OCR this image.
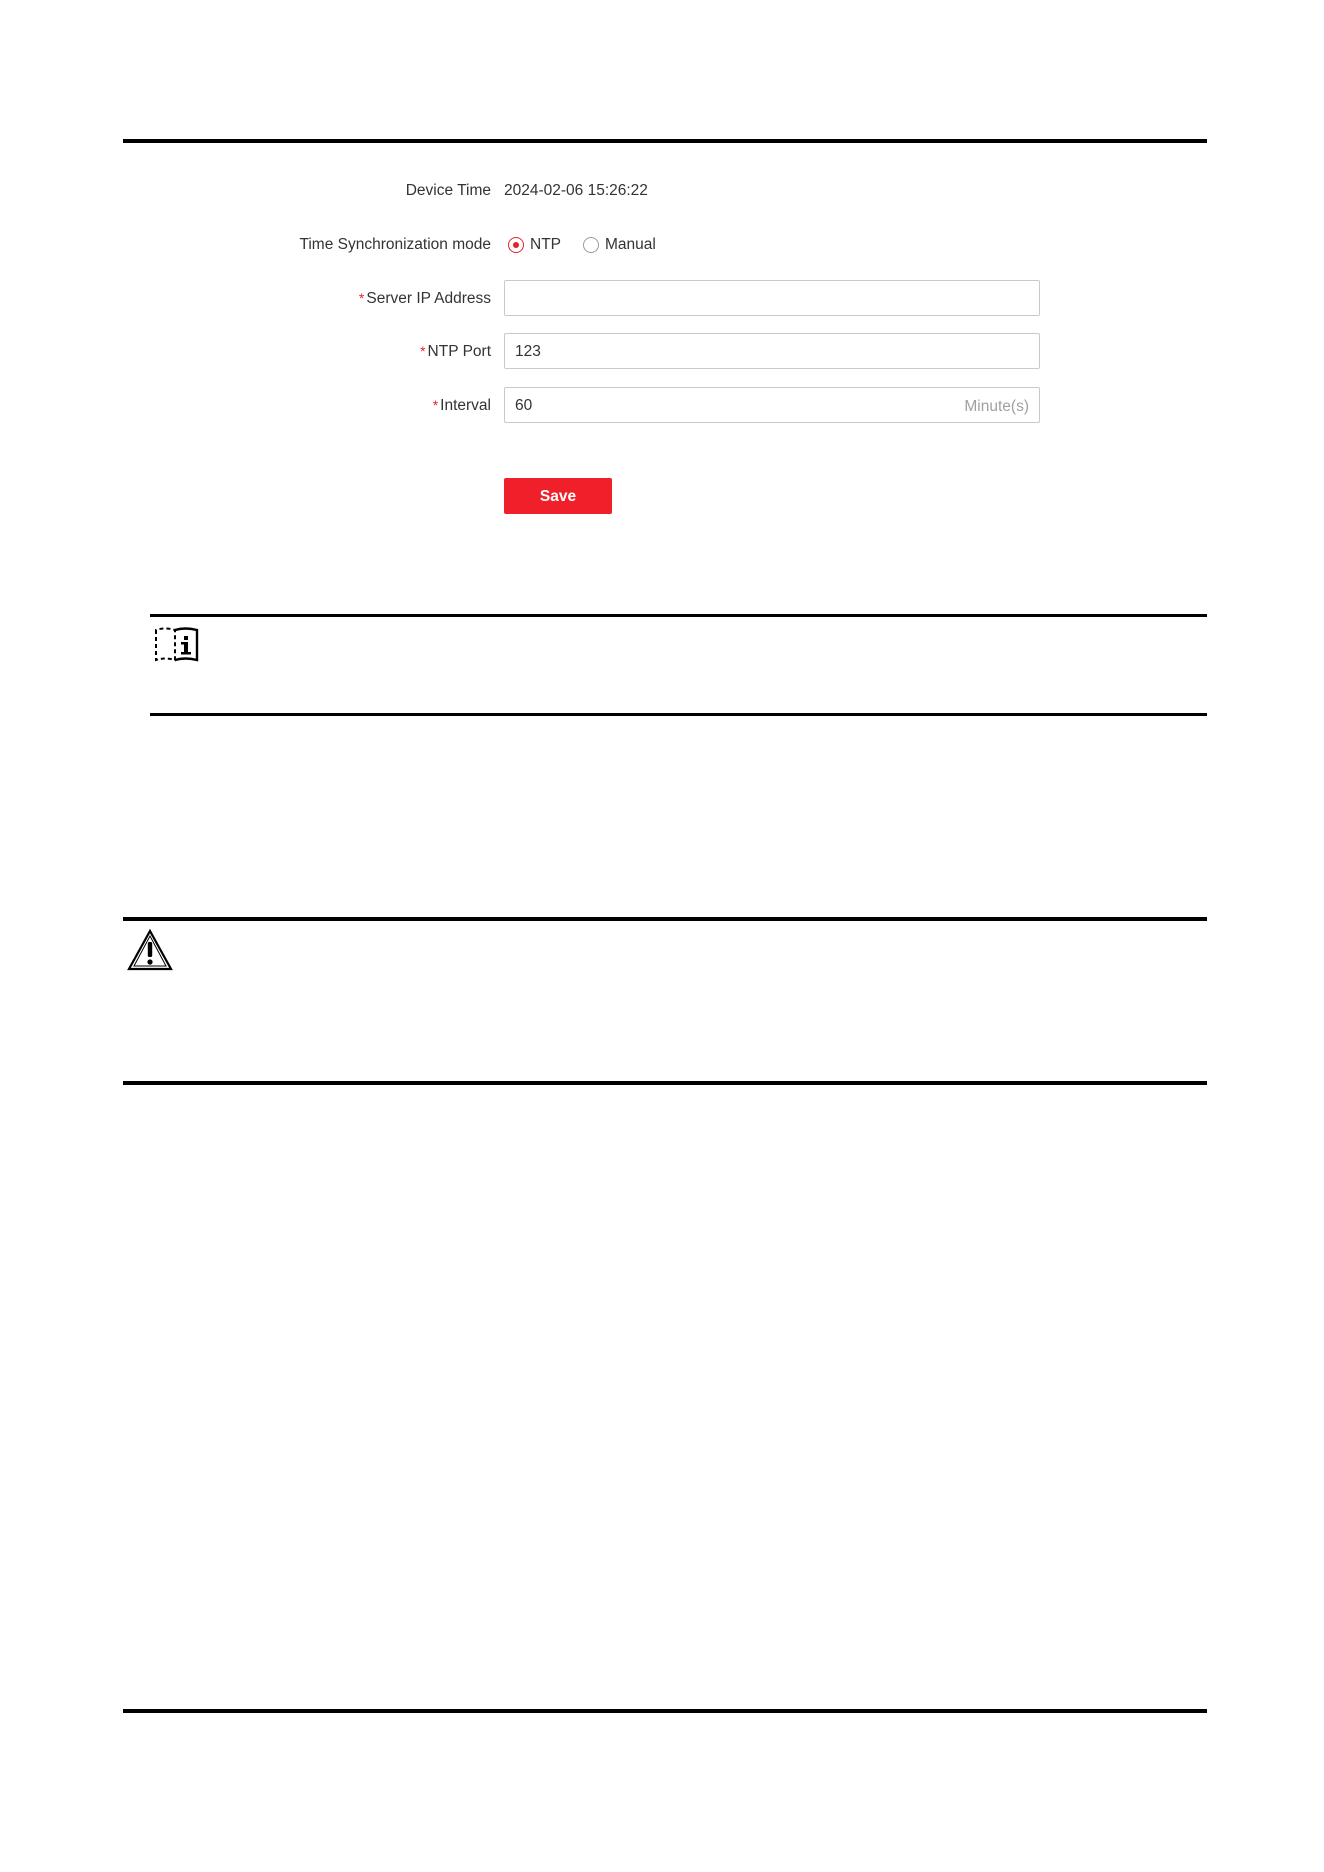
Device Time 2024-02-06 15:26:22
Time Synchronization mode	NTP	Manual
* Server IP Address
* NTP Port	123
* Interval	60	Minute(s)
Save
